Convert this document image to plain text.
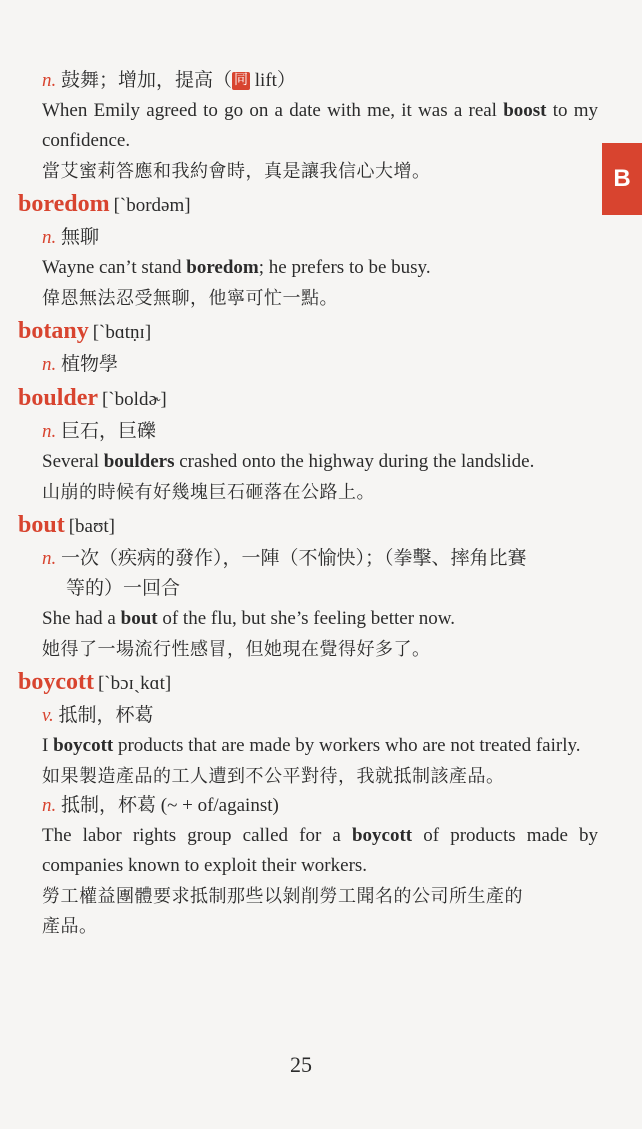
B
n. 鼓舞；增加，提高（ 同 lift）
When Emily agreed to go on a date with me, it was a real boost to my confidence.
當艾蜜莉答應和我約會時，真是讓我信心大增。
boredom [ˋbordəm]
n. 無聊
Wayne can’t stand boredom; he prefers to be busy.
偉恩無法忍受無聊，他寧可忙一點。
botany [ˋbɑtṇɪ]
n. 植物學
boulder [ˋboldɚ]
n. 巨石，巨礫
Several boulders crashed onto the highway during the landslide.
山崩的時候有好幾塊巨石砸落在公路上。
bout [baʊt]
n. 一次（疾病的發作），一陣（不愉快）；（拳擊、摔角比賽
等的）一回合
She had a bout of the flu, but she’s feeling better now.
她得了一場流行性感冒，但她現在覺得好多了。
boycott [ˋbɔɪˏkɑt]
v. 抵制，杯葛
I boycott products that are made by workers who are not treated fairly.
如果製造產品的工人遭到不公平對待，我就抵制該產品。
n. 抵制，杯葛 (~ + of/against)
The labor rights group called for a boycott of products made by companies known to exploit their workers.
勞工權益團體要求抵制那些以剝削勞工聞名的公司所生產的
產品。
25
